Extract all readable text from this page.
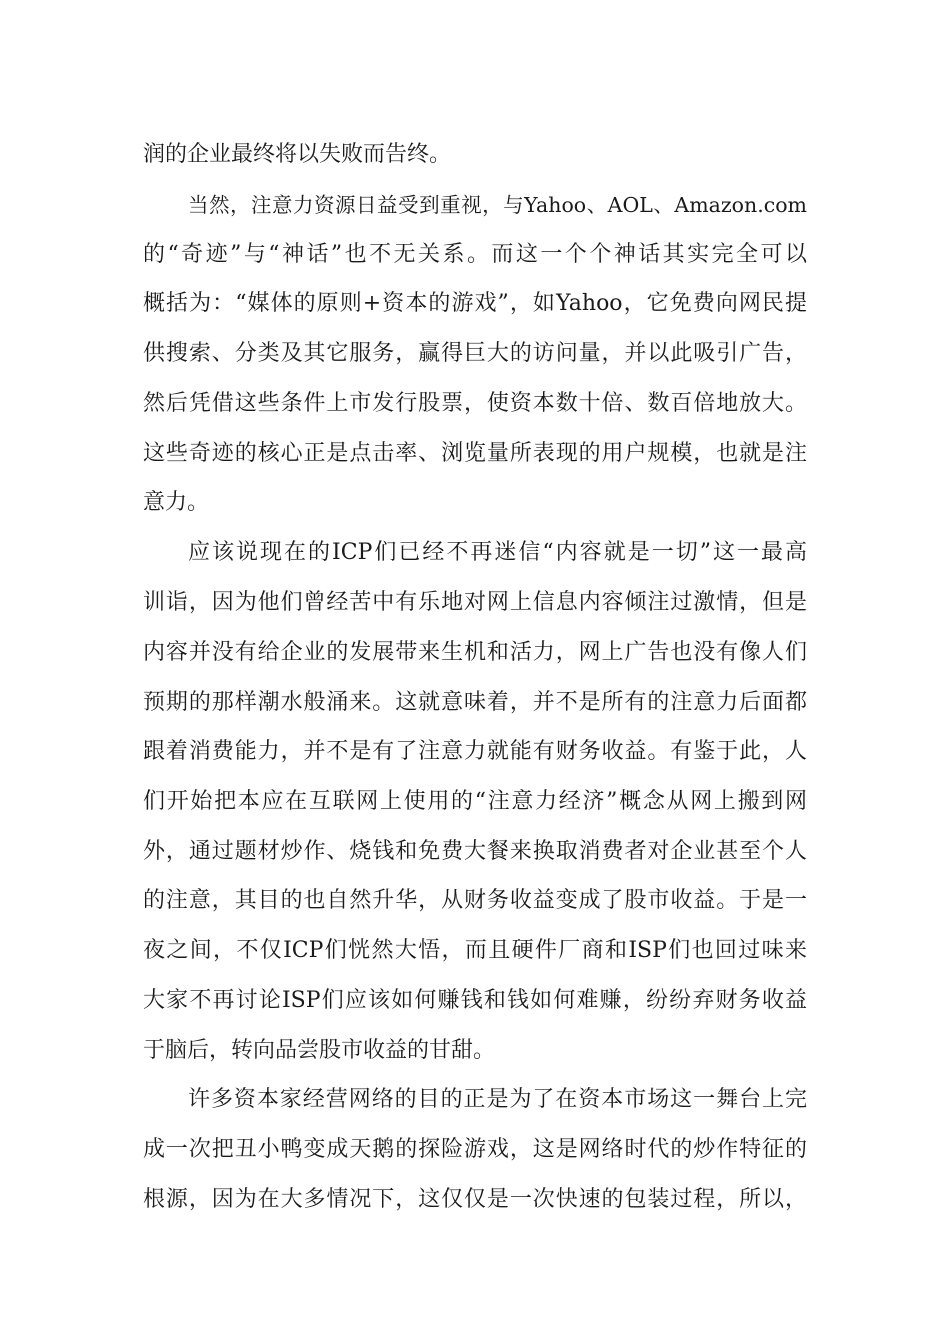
润的企业最终将以失败而告终。
当然，注意力资源日益受到重视，与Yahoo、AOL、Amazon.com
的“奇迹”与“神话”也不无关系。而这一个个神话其实完全可以
概括为：“媒体的原则+资本的游戏”，如Yahoo，它免费向网民提
供搜索、分类及其它服务，赢得巨大的访问量，并以此吸引广告，
然后凭借这些条件上市发行股票，使资本数十倍、数百倍地放大。
这些奇迹的核心正是点击率、浏览量所表现的用户规模，也就是注
意力。
应该说现在的ICP们已经不再迷信“内容就是一切”这一最高
训诣，因为他们曾经苦中有乐地对网上信息内容倾注过激情，但是
内容并没有给企业的发展带来生机和活力，网上广告也没有像人们
预期的那样潮水般涌来。这就意味着，并不是所有的注意力后面都
跟着消费能力，并不是有了注意力就能有财务收益。有鉴于此，人
们开始把本应在互联网上使用的“注意力经济”概念从网上搬到网
外，通过题材炒作、烧钱和免费大餐来换取消费者对企业甚至个人
的注意，其目的也自然升华，从财务收益变成了股市收益。于是一
夜之间，不仅ICP们恍然大悟，而且硬件厂商和ISP们也回过味来
大家不再讨论ISP们应该如何赚钱和钱如何难赚，纷纷弃财务收益
于脑后，转向品尝股市收益的甘甜。
许多资本家经营网络的目的正是为了在资本市场这一舞台上完
成一次把丑小鸭变成天鹅的探险游戏，这是网络时代的炒作特征的
根源，因为在大多情况下，这仅仅是一次快速的包装过程，所以，
